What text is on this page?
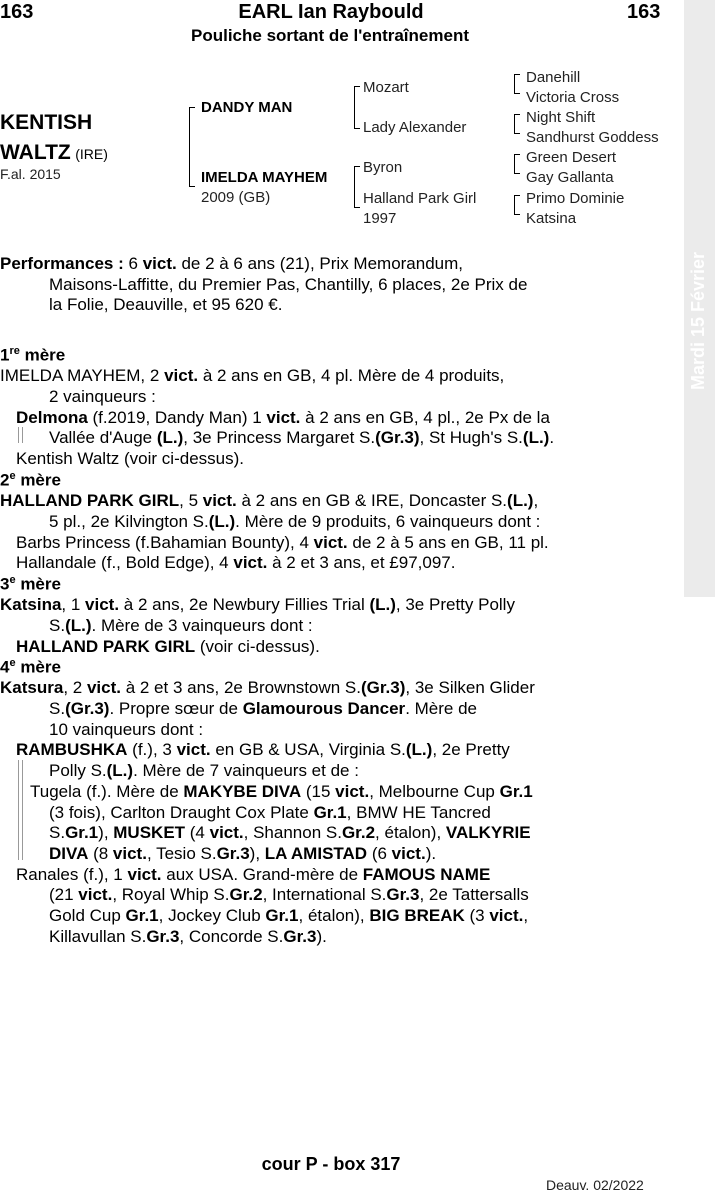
163	EARL Ian Raybould	163
Pouliche sortant de l'entraînement
KENTISH
WALTZ (IRE)
F.al. 2015
DANDY MAN
IMELDA MAYHEM
2009 (GB)
Mozart
Lady Alexander
Byron
Halland Park Girl
1997
Danehill
Victoria Cross
Night Shift
Sandhurst Goddess
Green Desert
Gay Gallanta
Primo Dominie
Katsina

Performances : 6 vict. de 2 à 6 ans (21), Prix Memorandum,

Maisons-Laffitte, du Premier Pas, Chantilly, 6 places, 2e Prix de

la Folie, Deauville, et 95 620 €.

1re mère

IMELDA MAYHEM, 2 vict. à 2 ans en GB, 4 pl. Mère de 4 produits,

2 vainqueurs :

Delmona (f.2019, Dandy Man) 1 vict. à 2 ans en GB, 4 pl., 2e Px de la

Vallée d'Auge (L.), 3e Princess Margaret S.(Gr.3), St Hugh's S.(L.).

Kentish Waltz (voir ci-dessus).

2e mère

HALLAND PARK GIRL, 5 vict. à 2 ans en GB & IRE, Doncaster S.(L.),

5 pl., 2e Kilvington S.(L.). Mère de 9 produits, 6 vainqueurs dont :

Barbs Princess (f.Bahamian Bounty), 4 vict. de 2 à 5 ans en GB, 11 pl.

Hallandale (f., Bold Edge), 4 vict. à 2 et 3 ans, et £97,097.

3e mère

Katsina, 1 vict. à 2 ans, 2e Newbury Fillies Trial (L.), 3e Pretty Polly

S.(L.). Mère de 3 vainqueurs dont :

HALLAND PARK GIRL (voir ci-dessus).

4e mère

Katsura, 2 vict. à 2 et 3 ans, 2e Brownstown S.(Gr.3), 3e Silken Glider

S.(Gr.3). Propre sœur de Glamourous Dancer. Mère de

10 vainqueurs dont :

RAMBUSHKA (f.), 3 vict. en GB & USA, Virginia S.(L.), 2e Pretty

Polly S.(L.). Mère de 7 vainqueurs et de :

Tugela (f.). Mère de MAKYBE DIVA (15 vict., Melbourne Cup Gr.1

(3 fois), Carlton Draught Cox Plate Gr.1, BMW HE Tancred

S.Gr.1), MUSKET (4 vict., Shannon S.Gr.2, étalon), VALKYRIE

DIVA (8 vict., Tesio S.Gr.3), LA AMISTAD (6 vict.).

Ranales (f.), 1 vict. aux USA. Grand-mère de FAMOUS NAME

(21 vict., Royal Whip S.Gr.2, International S.Gr.3, 2e Tattersalls

Gold Cup Gr.1, Jockey Club Gr.1, étalon), BIG BREAK (3 vict.,

Killavullan S.Gr.3, Concorde S.Gr.3).

Mardi 15 Février
cour P - box 317
Deauv. 02/2022
